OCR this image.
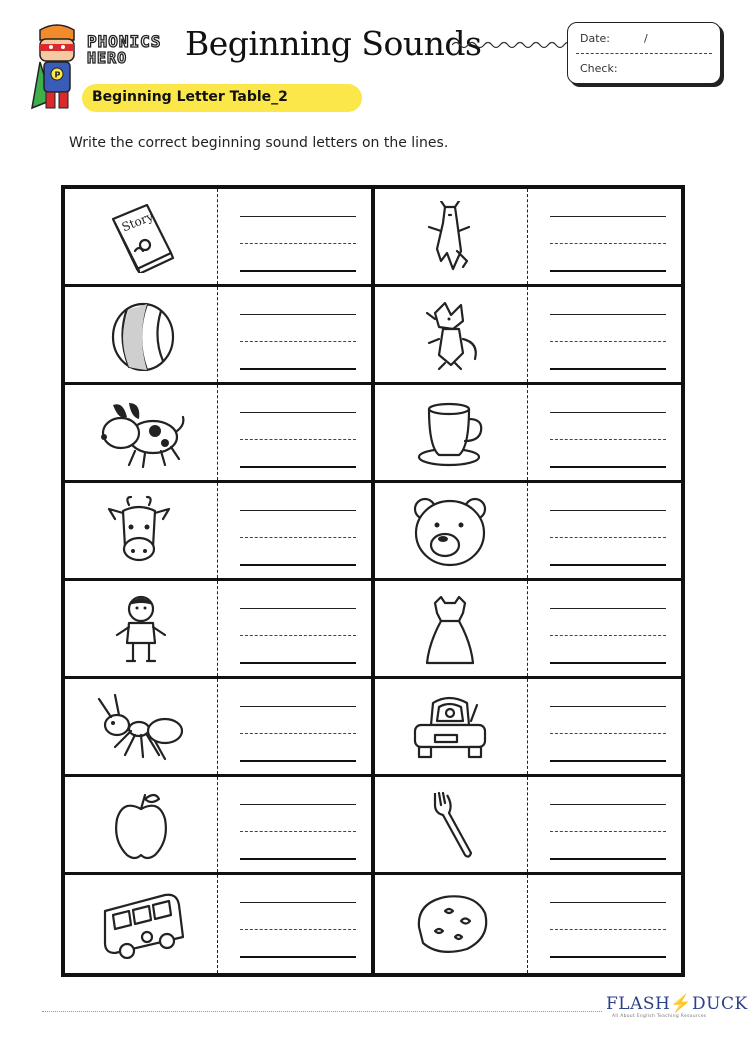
P
PHONICS
HERO	Beginning Sounds	Date:	/
Check:
Beginning Letter Table_2
Write the correct beginning sound letters on the lines.
Story
FLASH⚡DUCK
All About English Teaching Resources
